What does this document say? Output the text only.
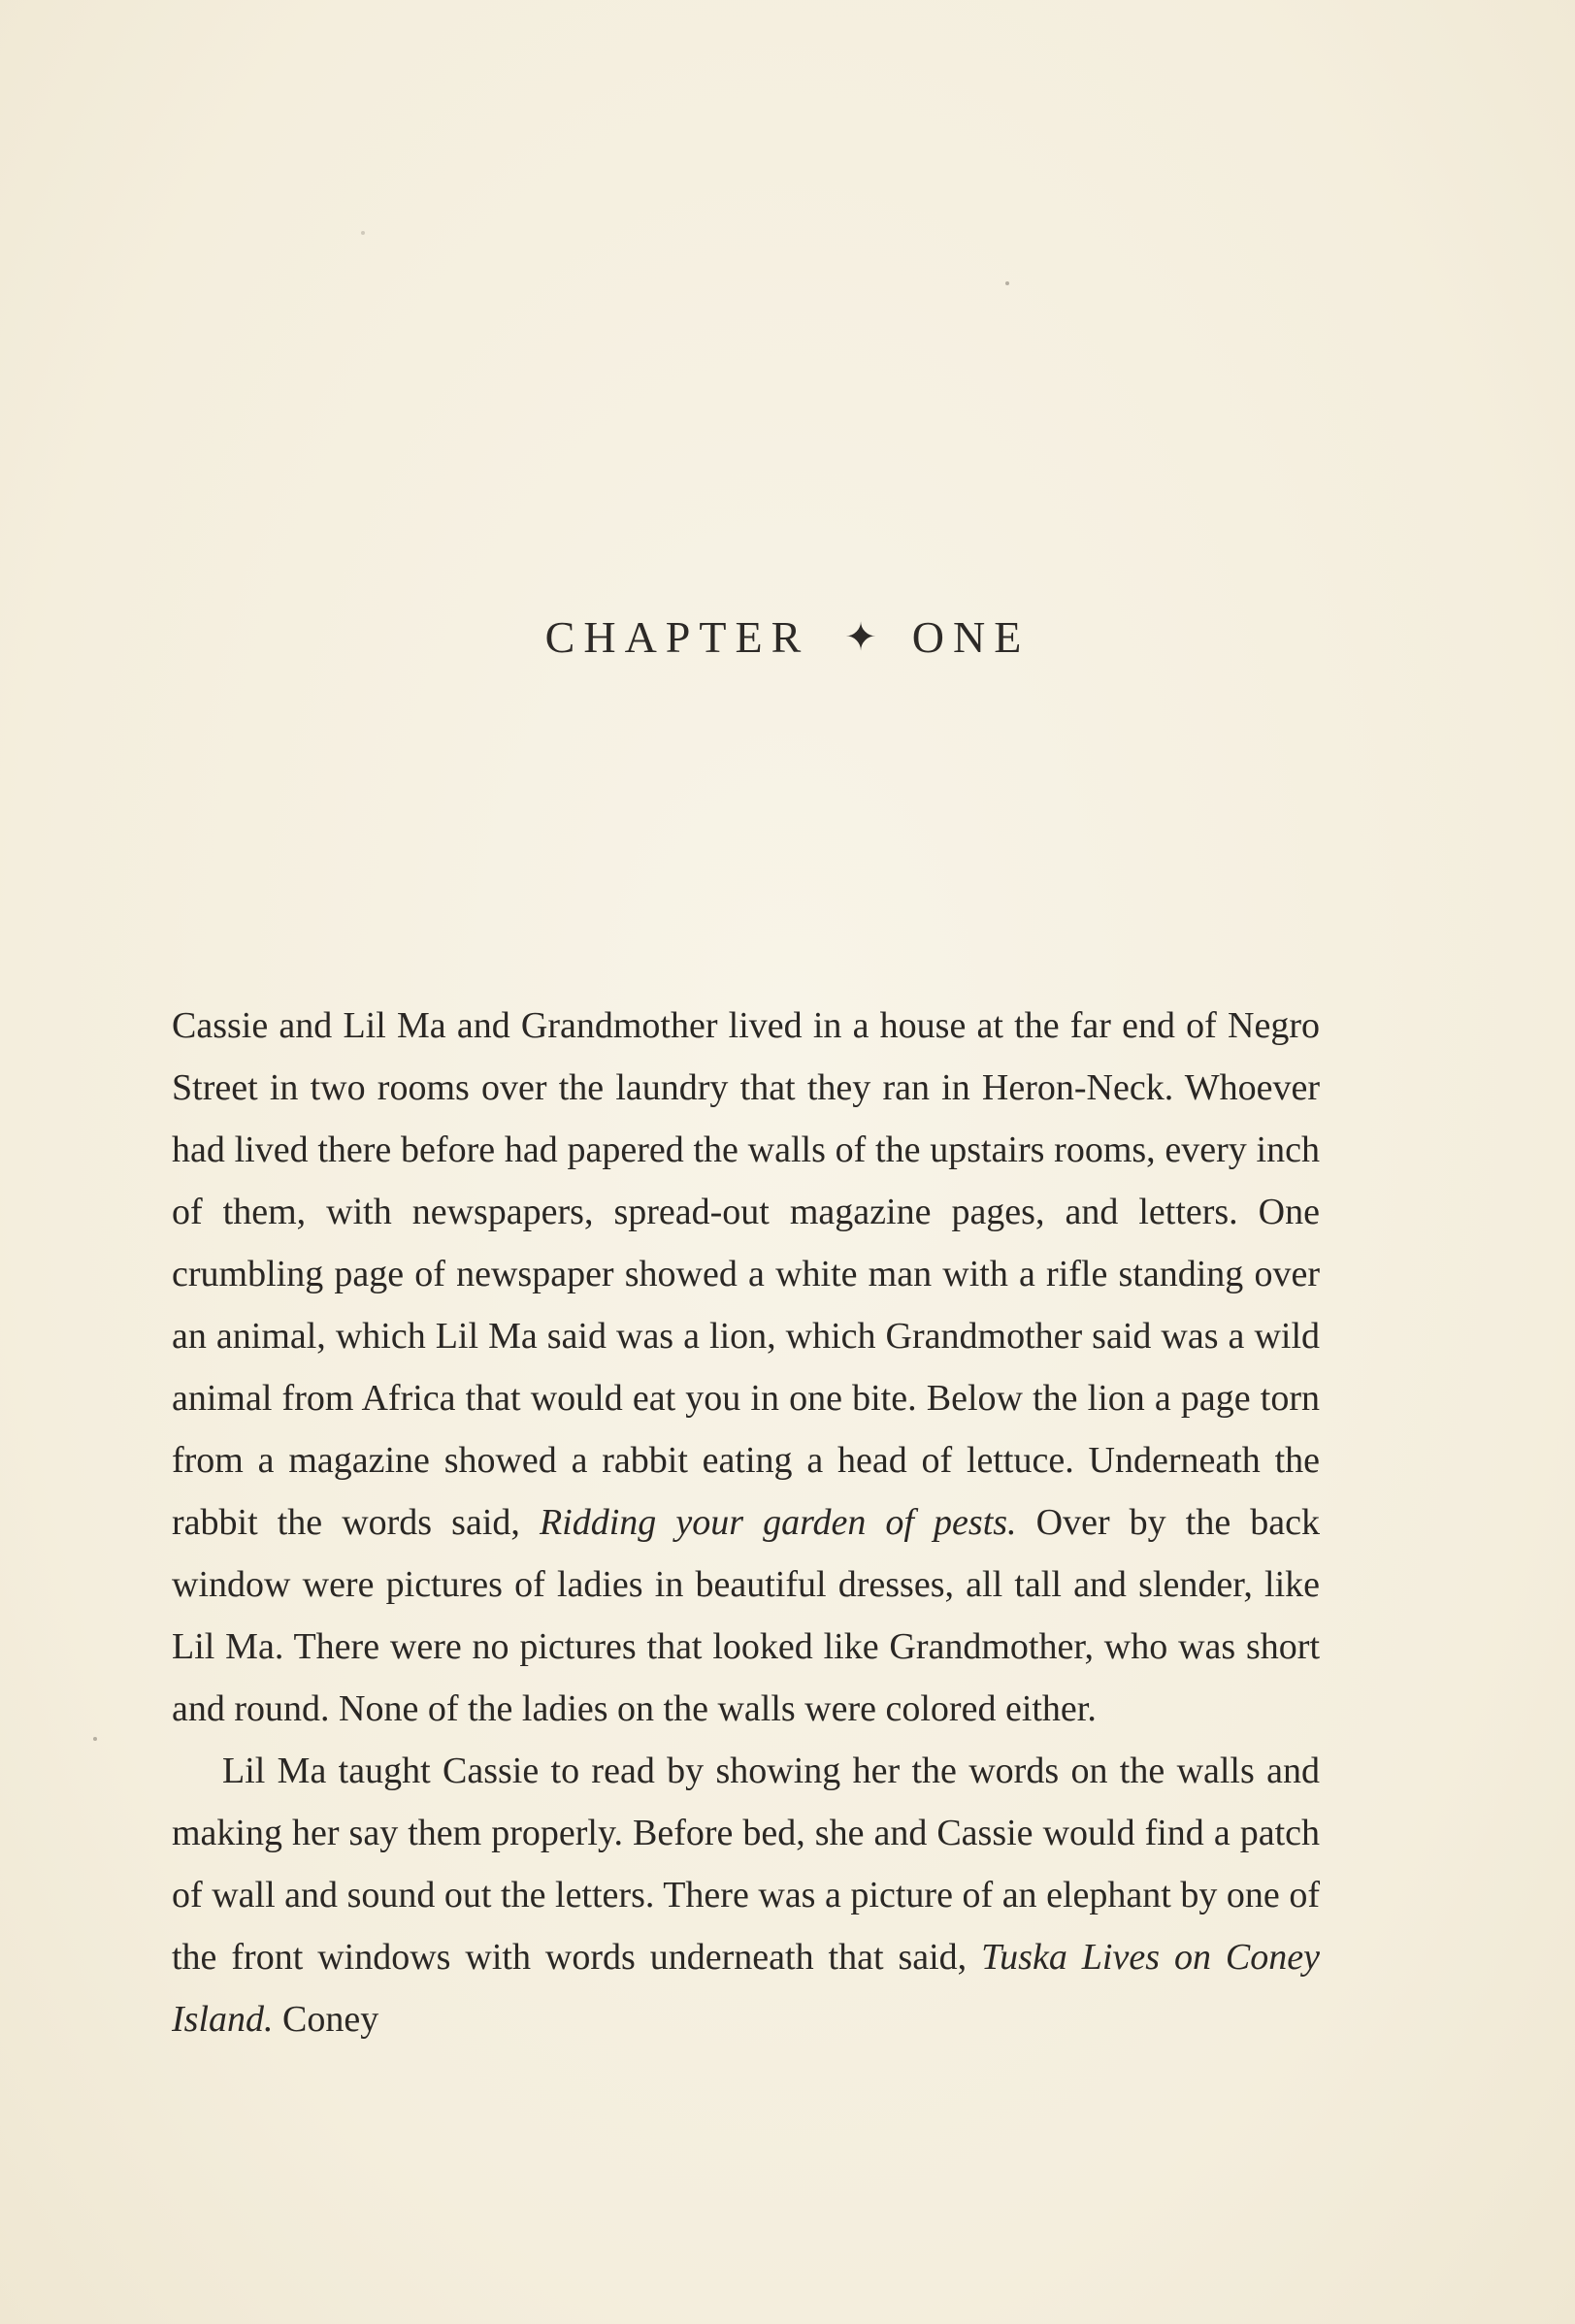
CHAPTER ✦ ONE

Cassie and Lil Ma and Grandmother lived in a house at the far end of Negro Street in two rooms over the laundry that they ran in Heron-Neck. Whoever had lived there before had papered the walls of the upstairs rooms, every inch of them, with newspapers, spread-out magazine pages, and letters. One crumbling page of newspaper showed a white man with a rifle standing over an animal, which Lil Ma said was a lion, which Grandmother said was a wild animal from Africa that would eat you in one bite. Below the lion a page torn from a magazine showed a rabbit eating a head of lettuce. Underneath the rabbit the words said, Ridding your garden of pests. Over by the back window were pictures of ladies in beautiful dresses, all tall and slender, like Lil Ma. There were no pictures that looked like Grandmother, who was short and round. None of the ladies on the walls were colored either.

Lil Ma taught Cassie to read by showing her the words on the walls and making her say them properly. Before bed, she and Cassie would find a patch of wall and sound out the letters. There was a picture of an elephant by one of the front windows with words underneath that said, Tuska Lives on Coney Island. Coney
